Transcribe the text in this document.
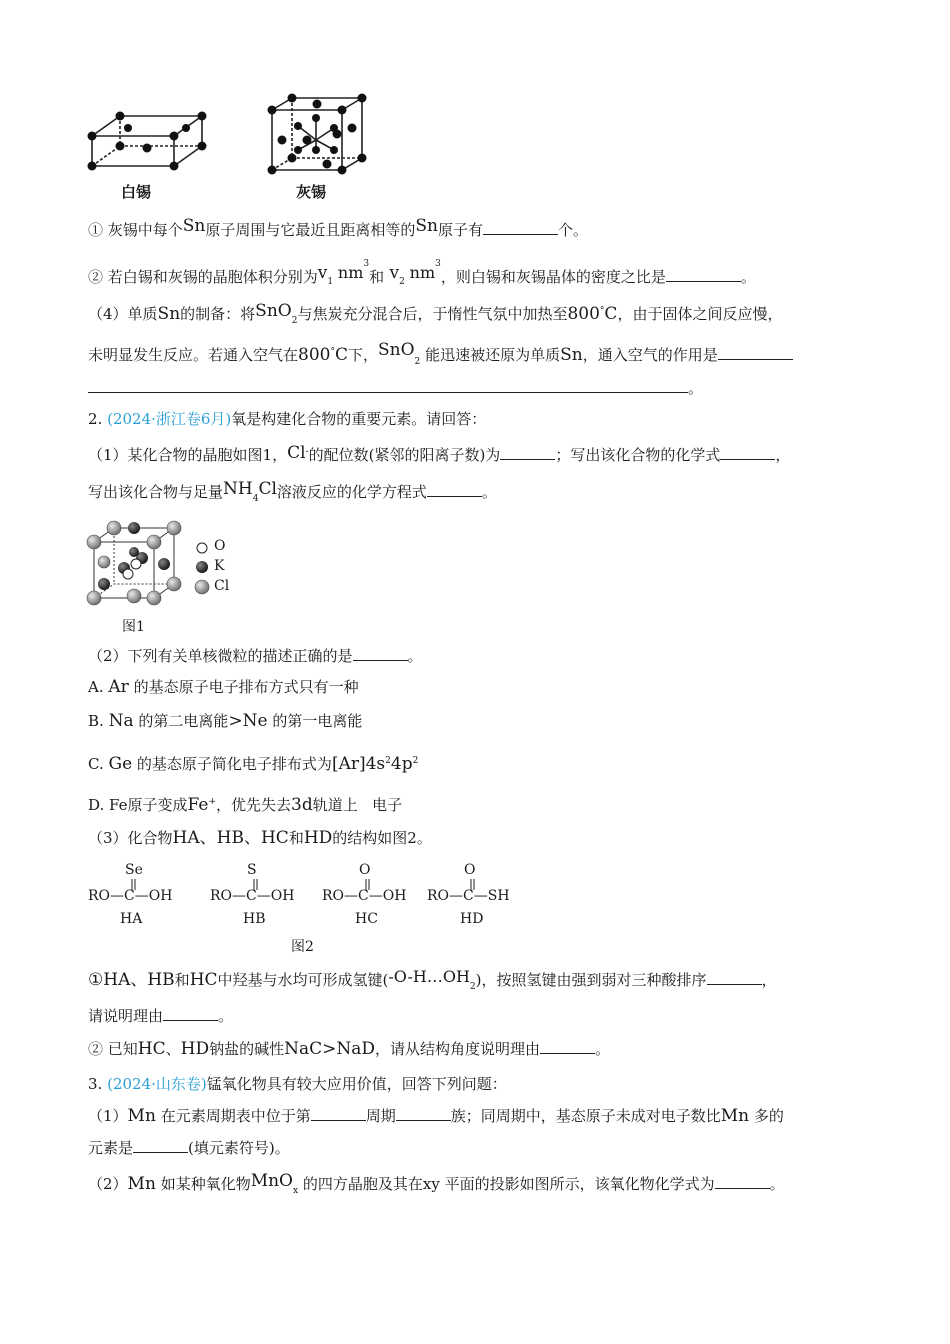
白锡	灰锡
① 灰锡中每个Sn原子周围与它最近且距离相等的Sn原子有	个。
② 若白锡和灰锡的晶胞体积分别为$v_1$ $nm^3$和 $v_2$ $nm^3$，则白锡和灰锡晶体的密度之比是	。
（4）单质Sn的制备：将SnO$_2$与焦炭充分混合后，于惰性气氛中加热至800°C，由于固体之间反应慢，
未明显发生反应。若通入空气在800°C下，SnO$_2$ 能迅速被还原为单质Sn，通入空气的作用是
。
2. (2024·浙江卷6月)氧是构建化合物的重要元素。请回答：
（1）某化合物的晶胞如图1，Cl-的配位数(紧邻的阳离子数)为	；写出该化合物的化学式	，
写出该化合物与足量$NH_4Cl$溶液反应的化学方程式	。
O
K
Cl
图1
（2）下列有关单核微粒的描述正确的是	。
A. Ar 的基态原子电子排布方式只有一种
B. Na 的第二电离能>Ne 的第一电离能
C. Ge 的基态原子简化电子排布式为$[Ar]4s^24p^2$
D. Fe原子变成Fe+，优先失去3d轨道上 电子
（3）化合物HA、HB、HC和HD的结构如图2。
Se
RO—C—OH
HA
S
RO—C—OH
HB
O
RO—C—OH
HC
O
RO—C—SH
HD
图2
①HA、HB和HC中羟基与水均可形成氢键$(-O-H\dots OH_2)$，按照氢键由强到弱对三种酸排序	，
请说明理由	。
② 已知HC、HD钠盐的碱性NaC>NaD，请从结构角度说明理由	。
3. (2024·山东卷)锰氧化物具有较大应用价值，回答下列问题：
（1）Mn 在元素周期表中位于第	周期	族；同周期中，基态原子未成对电子数比Mn 多的
元素是	(填元素符号)。
（2）Mn 如某种氧化物MnO$_x$ 的四方晶胞及其在xy 平面的投影如图所示，该氧化物化学式为	。
